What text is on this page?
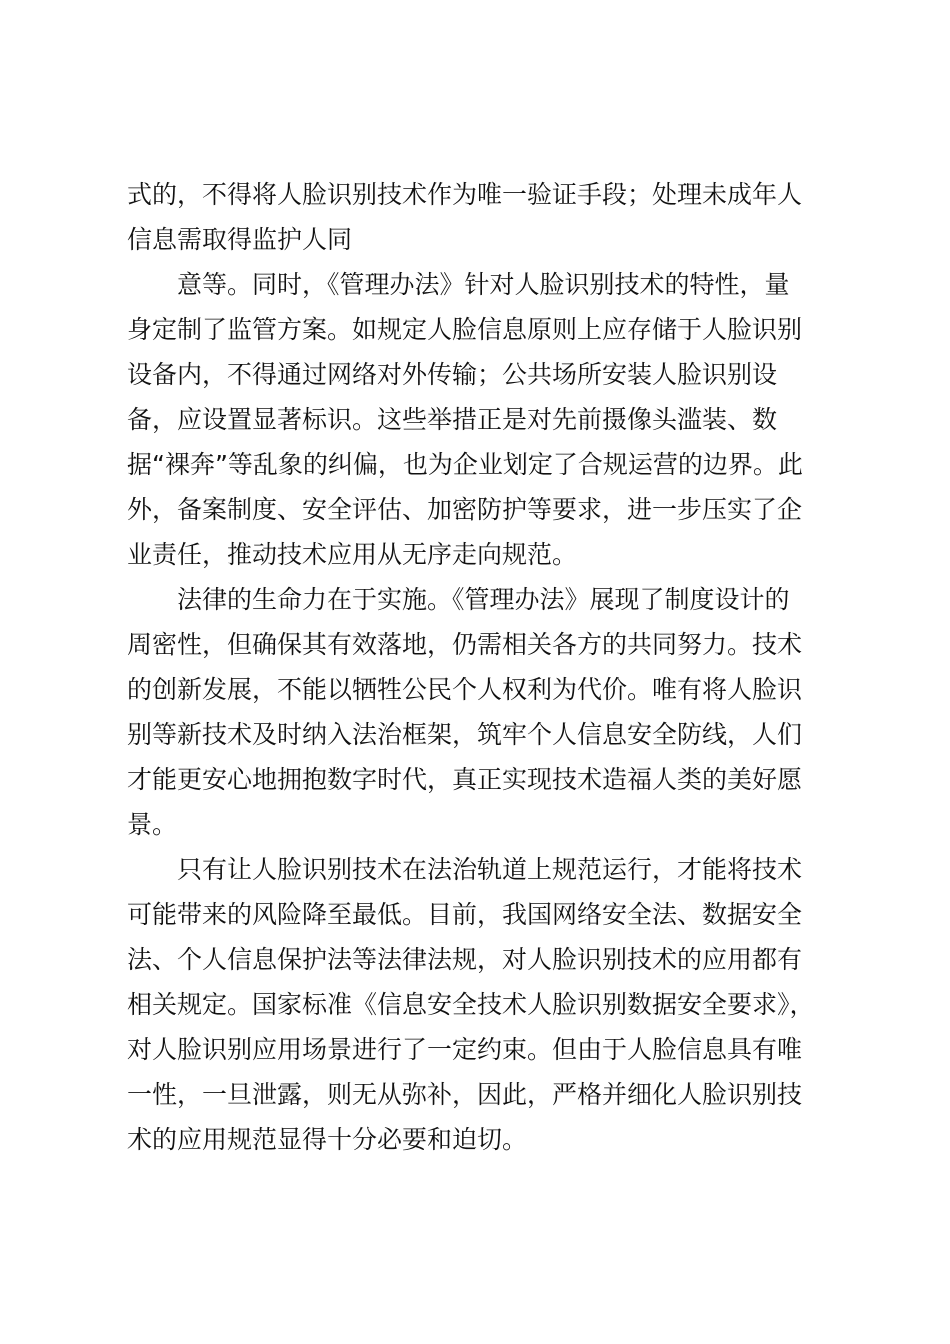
式的，不得将人脸识别技术作为唯一验证手段；处理未成年人
信息需取得监护人同
意等。同时，《管理办法》针对人脸识别技术的特性，量
身定制了监管方案。如规定人脸信息原则上应存储于人脸识别
设备内，不得通过网络对外传输；公共场所安装人脸识别设
备，应设置显著标识。这些举措正是对先前摄像头滥装、数
据“裸奔”等乱象的纠偏，也为企业划定了合规运营的边界。此
外，备案制度、安全评估、加密防护等要求，进一步压实了企
业责任，推动技术应用从无序走向规范。
法律的生命力在于实施。《管理办法》展现了制度设计的
周密性，但确保其有效落地，仍需相关各方的共同努力。技术
的创新发展，不能以牺牲公民个人权利为代价。唯有将人脸识
别等新技术及时纳入法治框架，筑牢个人信息安全防线，人们
才能更安心地拥抱数字时代，真正实现技术造福人类的美好愿
景。
只有让人脸识别技术在法治轨道上规范运行，才能将技术
可能带来的风险降至最低。目前，我国网络安全法、数据安全
法、个人信息保护法等法律法规，对人脸识别技术的应用都有
相关规定。国家标准《信息安全技术人脸识别数据安全要求》，
对人脸识别应用场景进行了一定约束。但由于人脸信息具有唯
一性，一旦泄露，则无从弥补，因此，严格并细化人脸识别技
术的应用规范显得十分必要和迫切。
